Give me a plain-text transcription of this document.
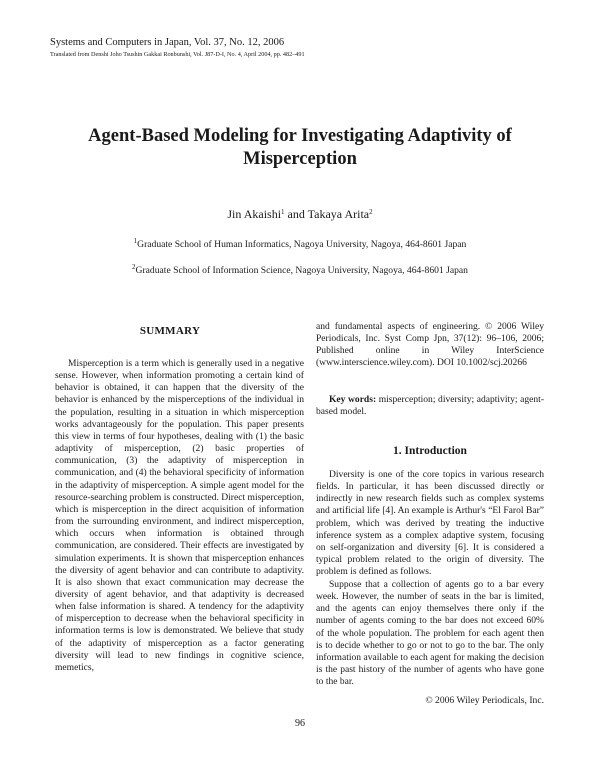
Systems and Computers in Japan, Vol. 37, No. 12, 2006
Translated from Denshi Joho Tsushin Gakkai Ronbunshi, Vol. J87-D-I, No. 4, April 2004, pp. 482–491
Agent-Based Modeling for Investigating Adaptivity of
Misperception
Jin Akaishi$^1$ and Takaya Arita$^2$
$^1$Graduate School of Human Informatics, Nagoya University, Nagoya, 464-8601 Japan
$^2$Graduate School of Information Science, Nagoya University, Nagoya, 464-8601 Japan
SUMMARY

Misperception is a term which is generally used in a negative sense. However, when information promoting a certain kind of behavior is obtained, it can happen that the diversity of the behavior is enhanced by the misperceptions of the individual in the population, resulting in a situation in which misperception works advantageously for the population. This paper presents this view in terms of four hypotheses, dealing with (1) the basic adaptivity of misperception, (2) basic properties of communication, (3) the adaptivity of misperception in communication, and (4) the behavioral specificity of information in the adaptivity of misperception. A simple agent model for the resource-searching problem is constructed. Direct misperception, which is misperception in the direct acquisition of information from the surrounding environment, and indirect misperception, which occurs when information is obtained through communication, are considered. Their effects are investigated by simulation experiments. It is shown that misperception enhances the diversity of agent behavior and can contribute to adaptivity. It is also shown that exact communication may decrease the diversity of agent behavior, and that adaptivity is decreased when false information is shared. A tendency for the adaptivity of misperception to decrease when the behavioral specificity in information terms is low is demonstrated. We believe that study of the adaptivity of misperception as a factor generating diversity will lead to new findings in cognitive science, memetics,

and fundamental aspects of engineering. © 2006 Wiley Periodicals, Inc. Syst Comp Jpn, 37(12): 96–106, 2006; Published online in Wiley InterScience (www.interscience.wiley.com). DOI 10.1002/scj.20266

Key words: misperception; diversity; adaptivity; agent-based model.

1. Introduction

Diversity is one of the core topics in various research fields. In particular, it has been discussed directly or indirectly in new research fields such as complex systems and artificial life [4]. An example is Arthur's “El Farol Bar” problem, which was derived by treating the inductive inference system as a complex adaptive system, focusing on self-organization and diversity [6]. It is considered a typical problem related to the origin of diversity. The problem is defined as follows.

Suppose that a collection of agents go to a bar every week. However, the number of seats in the bar is limited, and the agents can enjoy themselves there only if the number of agents coming to the bar does not exceed 60% of the whole population. The problem for each agent then is to decide whether to go or not to go to the bar. The only information available to each agent for making the decision is the past history of the number of agents who have gone to the bar.

© 2006 Wiley Periodicals, Inc.
96
